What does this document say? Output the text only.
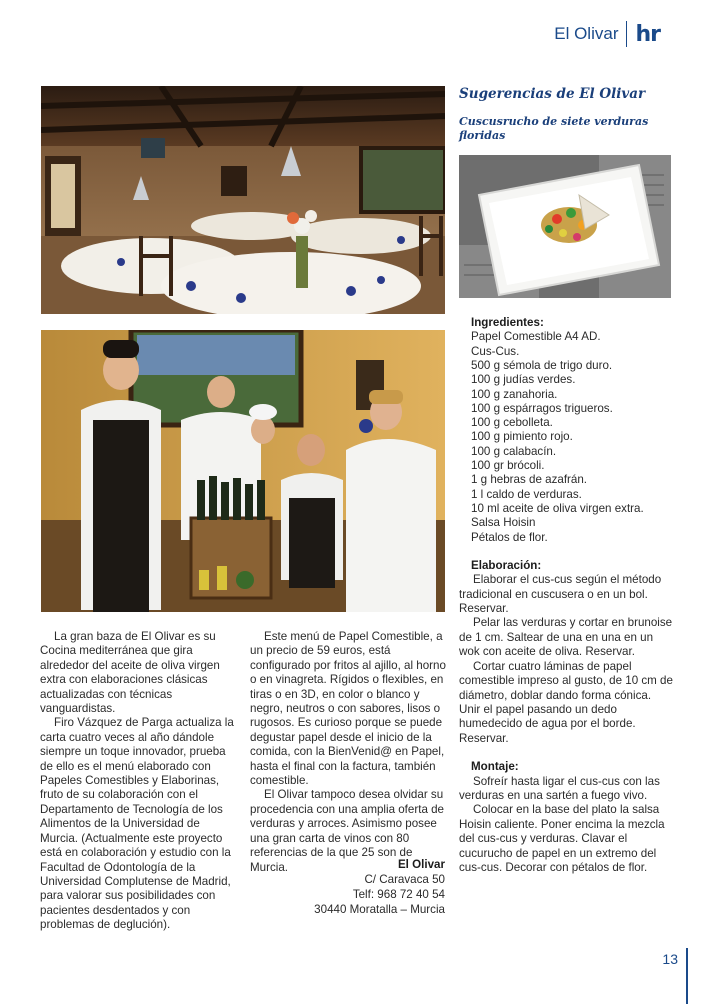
El Olivar hr
Sugerencias de El Olivar
Cuscusrucho de siete verduras floridas
Ingredientes:
Papel Comestible A4 AD.
Cus-Cus.
500 g sémola de trigo duro.
100 g judías verdes.
100 g zanahoria.
100 g espárragos trigueros.
100 g cebolleta.
100 g pimiento rojo.
100 g calabacín.
100 gr brócoli.
1 g hebras de azafrán.
1 l caldo de verduras.
10 ml aceite de oliva virgen extra.
Salsa Hoisin
Pétalos de flor.
Elaboración:

Elaborar el cus-cus según el método tradicional en cuscusera o en un bol. Reservar.

Pelar las verduras y cortar en brunoise de 1 cm. Saltear de una en una en un wok con aceite de oliva. Reservar.

Cortar cuatro láminas de papel comestible impreso al gusto, de 10 cm de diámetro, doblar dando forma cónica. Unir el papel pasando un dedo humedecido de agua por el borde. Reservar.

Montaje:

Sofreír hasta ligar el cus-cus con las verduras en una sartén a fuego vivo.

Colocar en la base del plato la salsa Hoisin caliente. Poner encima la mezcla del cus-cus y verduras. Clavar el cucurucho de papel en un extremo del cus-cus. Decorar con pétalos de flor.

La gran baza de El Olivar es su Cocina mediterránea que gira alrededor del aceite de oliva virgen extra con elaboraciones clásicas actualizadas con técnicas vanguardistas.

Firo Vázquez de Parga actualiza la carta cuatro veces al año dándole siempre un toque innovador, prueba de ello es el menú elaborado con Papeles Comestibles y Elaborinas, fruto de su colaboración con el Departamento de Tecnología de los Alimentos de la Universidad de Murcia. (Actualmente este proyecto está en colaboración y estudio con la Facultad de Odontología de la Universidad Complutense de Madrid, para valorar sus posibilidades con pacientes desdentados y con problemas de deglución).

Este menú de Papel Comestible, a un precio de 59 euros, está configurado por fritos al ajillo, al horno o en vinagreta. Rígidos o flexibles, en tiras o en 3D, en color o blanco y negro, neutros o con sabores, lisos o rugosos. Es curioso porque se puede degustar papel desde el inicio de la comida, con la BienVenid@ en Papel, hasta el final con la factura, también comestible.

El Olivar tampoco desea olvidar su procedencia con una amplia oferta de verduras y arroces. Asimismo posee una gran carta de vinos con 80 referencias de la que 25 son de Murcia.	El Olivar
C/ Caravaca 50
Telf: 968 72 40 54
30440 Moratalla – Murcia
13
